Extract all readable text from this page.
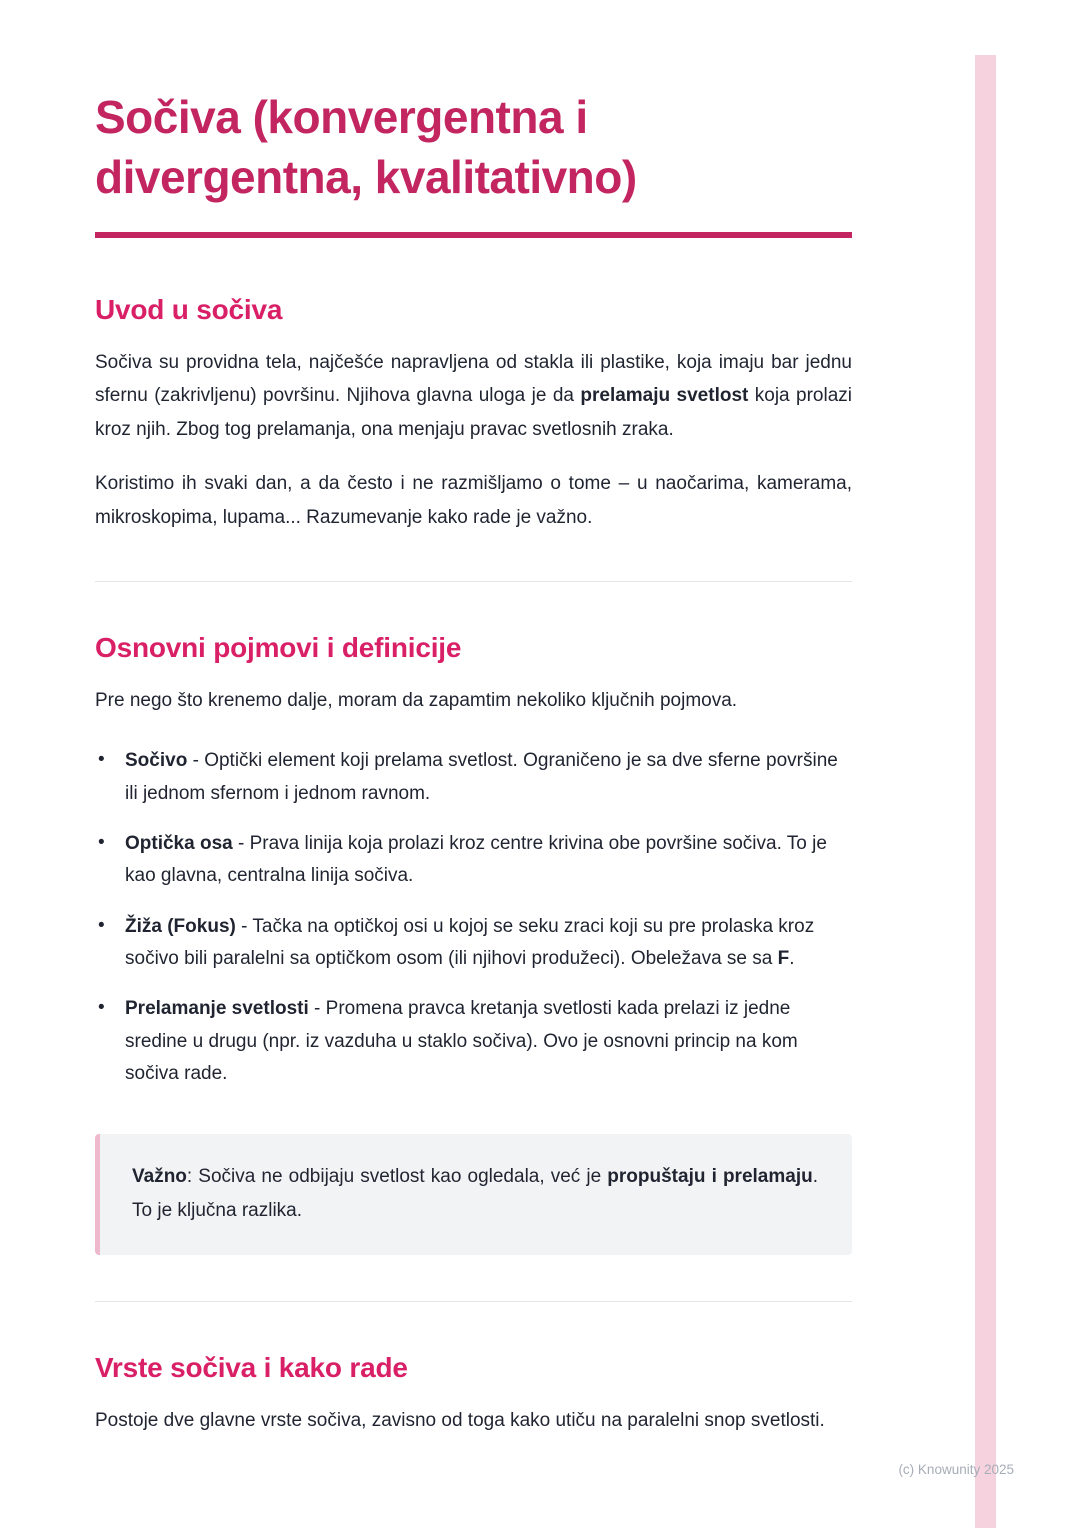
Sočiva (konvergentna i divergentna, kvalitativno)
Uvod u sočiva

Sočiva su providna tela, najčešće napravljena od stakla ili plastike, koja imaju bar jednu sfernu (zakrivljenu) površinu. Njihova glavna uloga je da prelamaju svetlost koja prolazi kroz njih. Zbog tog prelamanja, ona menjaju pravac svetlosnih zraka.

Koristimo ih svaki dan, a da često i ne razmišljamo o tome – u naočarima, kamerama, mikroskopima, lupama... Razumevanje kako rade je važno.

Osnovni pojmovi i definicije

Pre nego što krenemo dalje, moram da zapamtim nekoliko ključnih pojmova.

• Sočivo - Optički element koji prelama svetlost. Ograničeno je sa dve sferne površine ili jednom sfernom i jednom ravnom.
• Optička osa - Prava linija koja prolazi kroz centre krivina obe površine sočiva. To je kao glavna, centralna linija sočiva.
• Žiža (Fokus) - Tačka na optičkoj osi u kojoj se seku zraci koji su pre prolaska kroz sočivo bili paralelni sa optičkom osom (ili njihovi produžeci). Obeležava se sa F.
• Prelamanje svetlosti - Promena pravca kretanja svetlosti kada prelazi iz jedne sredine u drugu (npr. iz vazduha u staklo sočiva). Ovo je osnovni princip na kom sočiva rade.
Važno: Sočiva ne odbijaju svetlost kao ogledala, već je propuštaju i prelamaju. To je ključna razlika.
Vrste sočiva i kako rade

Postoje dve glavne vrste sočiva, zavisno od toga kako utiču na paralelni snop svetlosti.

(c) Knowunity 2025
